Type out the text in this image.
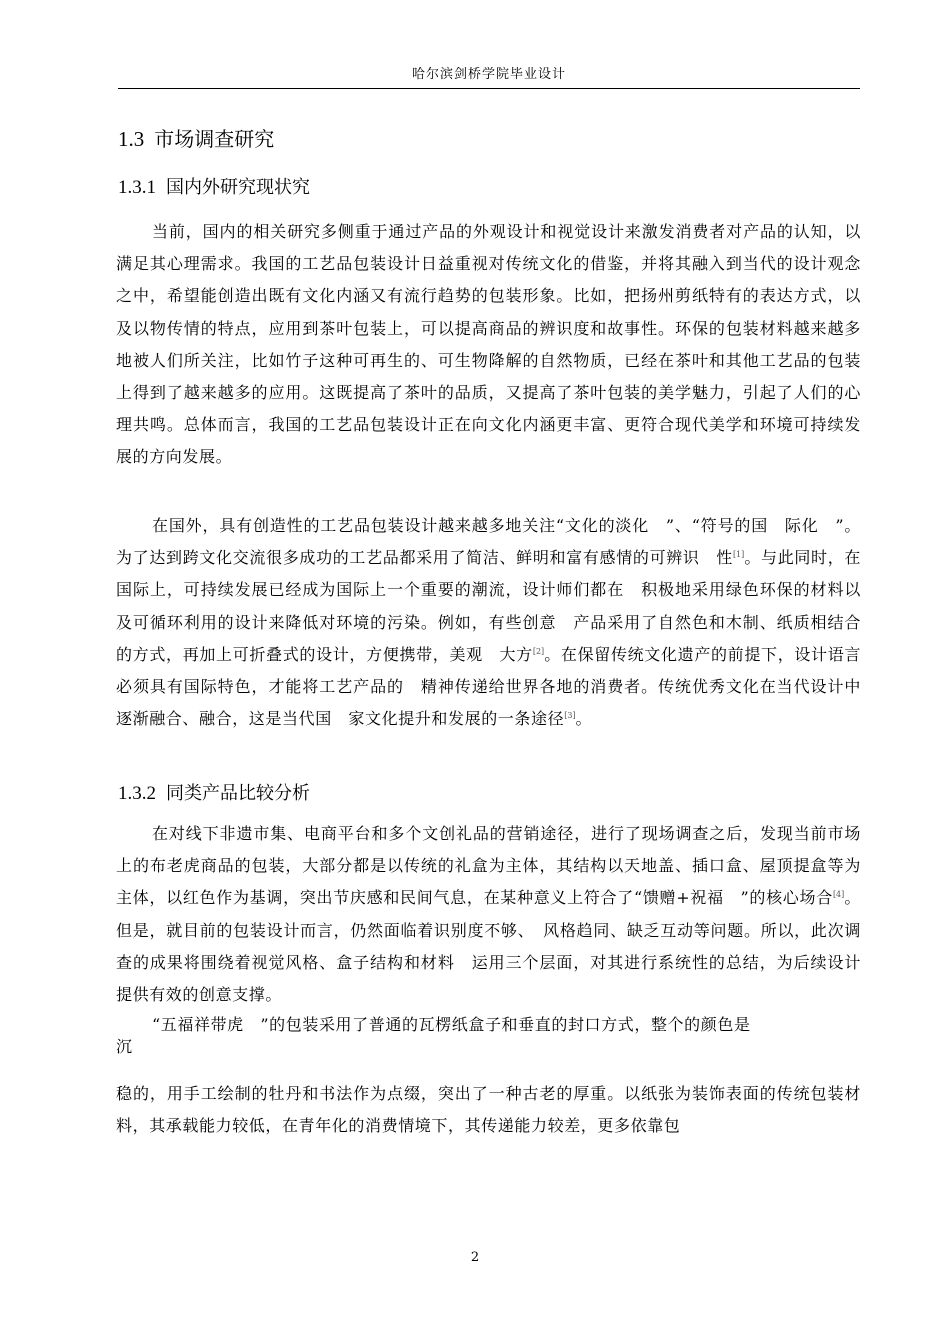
哈尔滨剑桥学院毕业设计
1.3 市场调查研究
1.3.1 国内外研究现状究

当前，国内的相关研究多侧重于通过产品的外观设计和视觉设计来激发消费者对产品的认知，以满足其心理需求。我国的工艺品包装设计日益重视对传统文化的借鉴，并将其融入到当代的设计观念之中，希望能创造出既有文化内涵又有流行趋势的包装形象。比如，把扬州剪纸特有的表达方式，以及以物传情的特点，应用到茶叶包装上，可以提高商品的辨识度和故事性。环保的包装材料越来越多地被人们所关注，比如竹子这种可再生的、可生物降解的自然物质，已经在茶叶和其他工艺品的包装上得到了越来越多的应用。这既提高了茶叶的品质，又提高了茶叶包装的美学魅力，引起了人们的心理共鸣。总体而言，我国的工艺品包装设计正在向文化内涵更丰富、更符合现代美学和环境可持续发展的方向发展。

在国外，具有创造性的工艺品包装设计越来越多地关注“文化的淡化　”、“符号的国　际化　”。为了达到跨文化交流很多成功的工艺品都采用了简洁、鲜明和富有感情的可辨识　性[1]。与此同时，在国际上，可持续发展已经成为国际上一个重要的潮流，设计师们都在　积极地采用绿色环保的材料以及可循环利用的设计来降低对环境的污染。例如，有些创意　产品采用了自然色和木制、纸质相结合的方式，再加上可折叠式的设计，方便携带，美观　大方[2]。在保留传统文化遗产的前提下，设计语言必须具有国际特色，才能将工艺产品的　精神传递给世界各地的消费者。传统优秀文化在当代设计中逐渐融合、融合，这是当代国　家文化提升和发展的一条途径[3]。

1.3.2 同类产品比较分析

在对线下非遗市集、电商平台和多个文创礼品的营销途径，进行了现场调查之后，发现当前市场上的布老虎商品的包装，大部分都是以传统的礼盒为主体，其结构以天地盖、插口盒、屋顶提盒等为主体，以红色作为基调，突出节庆感和民间气息，在某种意义上符合了“馈赠+祝福　”的核心场合[4]。但是，就目前的包装设计而言，仍然面临着识别度不够、　风格趋同、缺乏互动等问题。所以，此次调查的成果将围绕着视觉风格、盒子结构和材料　运用三个层面，对其进行系统性的总结，为后续设计提供有效的创意支撑。

“五福祥带虎　”的包装采用了普通的瓦楞纸盒子和垂直的封口方式，整个的颜色是
沉

稳的，用手工绘制的牡丹和书法作为点缀，突出了一种古老的厚重。以纸张为装饰表面的传统包装材料，其承载能力较低，在青年化的消费情境下，其传递能力较差，更多依靠包

2
